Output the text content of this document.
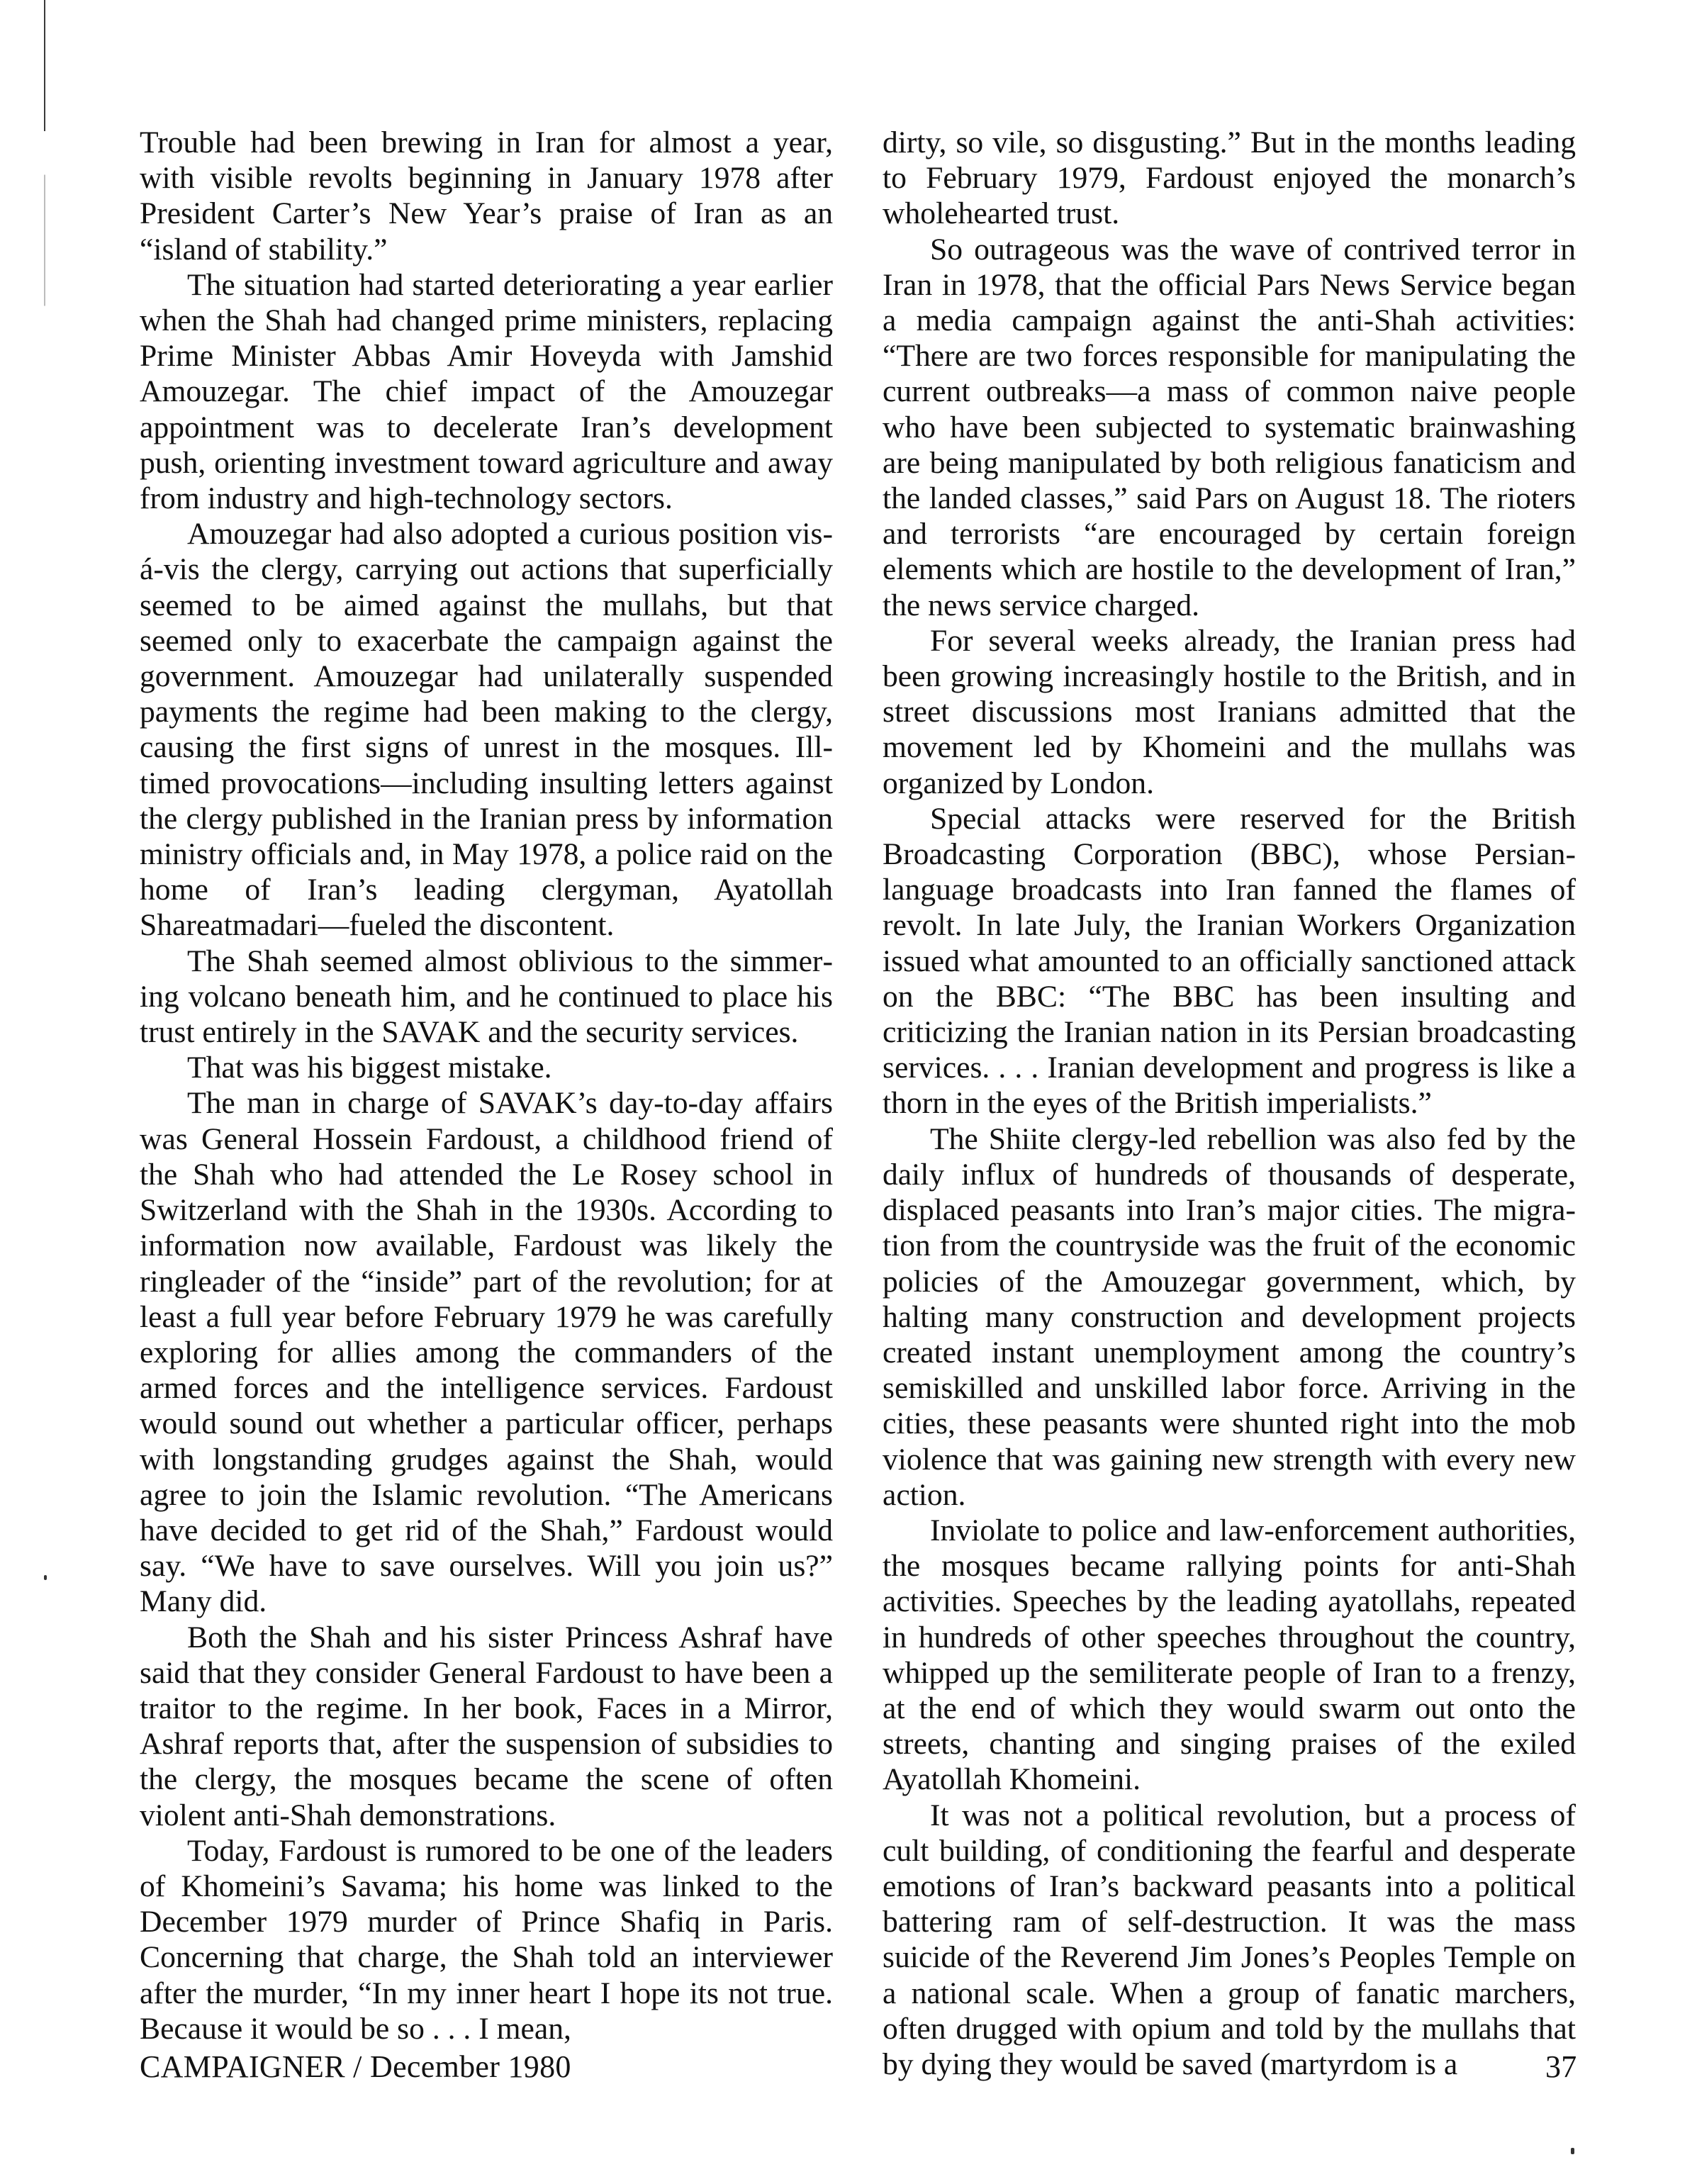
Trouble had been brewing in Iran for almost a year, with visible revolts beginning in January 1978 after President Carter’s New Year’s praise of Iran as an “island of stability.”

The situation had started deteriorating a year earlier when the Shah had changed prime ministers, replacing Prime Minister Abbas Amir Hoveyda with Jamshid Amouzegar. The chief impact of the Amouzegar appointment was to decelerate Iran’s development push, orienting investment toward agriculture and away from industry and high-technology sectors.

Amouzegar had also adopted a curious position vis-á-vis the clergy, carrying out actions that superficially seemed to be aimed against the mullahs, but that seemed only to exacerbate the campaign against the government. Amouzegar had unilaterally suspended payments the regime had been making to the clergy, causing the first signs of unrest in the mosques. Ill-timed provocations—including insulting letters against the clergy published in the Iranian press by information ministry officials and, in May 1978, a police raid on the home of Iran’s leading clergyman, Ayatollah Shareatmadari—fueled the discontent.

The Shah seemed almost oblivious to the simmering volcano beneath him, and he continued to place his trust entirely in the SAVAK and the security services.

That was his biggest mistake.

The man in charge of SAVAK’s day-to-day affairs was General Hossein Fardoust, a childhood friend of the Shah who had attended the Le Rosey school in Switzerland with the Shah in the 1930s. According to information now available, Fardoust was likely the ringleader of the “inside” part of the revolution; for at least a full year before February 1979 he was carefully exploring for allies among the commanders of the armed forces and the intelligence services. Fardoust would sound out whether a particular officer, perhaps with longstanding grudges against the Shah, would agree to join the Islamic revolution. “The Americans have decided to get rid of the Shah,” Fardoust would say. “We have to save ourselves. Will you join us?” Many did.

Both the Shah and his sister Princess Ashraf have said that they consider General Fardoust to have been a traitor to the regime. In her book, Faces in a Mirror, Ashraf reports that, after the suspension of subsidies to the clergy, the mosques became the scene of often violent anti-Shah demonstrations.

Today, Fardoust is rumored to be one of the leaders of Khomeini’s Savama; his home was linked to the December 1979 murder of Prince Shafiq in Paris. Concerning that charge, the Shah told an interviewer after the murder, “In my inner heart I hope its not true. Because it would be so . . . I mean,

dirty, so vile, so disgusting.” But in the months leading to February 1979, Fardoust enjoyed the monarch’s wholehearted trust.

So outrageous was the wave of contrived terror in Iran in 1978, that the official Pars News Service began a media campaign against the anti-Shah activities: “There are two forces responsible for manipulating the current outbreaks—a mass of common naive people who have been subjected to systematic brainwashing are being manipulated by both religious fanaticism and the landed classes,” said Pars on August 18. The rioters and terrorists “are encouraged by certain foreign elements which are hostile to the development of Iran,” the news service charged.

For several weeks already, the Iranian press had been growing increasingly hostile to the British, and in street discussions most Iranians admitted that the movement led by Khomeini and the mullahs was organized by London.

Special attacks were reserved for the British Broadcasting Corporation (BBC), whose Persian-language broadcasts into Iran fanned the flames of revolt. In late July, the Iranian Workers Organization issued what amounted to an officially sanctioned attack on the BBC: “The BBC has been insulting and criticizing the Iranian nation in its Persian broadcasting services. . . . Iranian development and progress is like a thorn in the eyes of the British imperialists.”

The Shiite clergy-led rebellion was also fed by the daily influx of hundreds of thousands of desperate, displaced peasants into Iran’s major cities. The migration from the countryside was the fruit of the economic policies of the Amouzegar government, which, by halting many construction and development projects created instant unemployment among the country’s semiskilled and unskilled labor force. Arriving in the cities, these peasants were shunted right into the mob violence that was gaining new strength with every new action.

Inviolate to police and law-enforcement authorities, the mosques became rallying points for anti-Shah activities. Speeches by the leading ayatollahs, repeated in hundreds of other speeches throughout the country, whipped up the semiliterate people of Iran to a frenzy, at the end of which they would swarm out onto the streets, chanting and singing praises of the exiled Ayatollah Khomeini.

It was not a political revolution, but a process of cult building, of conditioning the fearful and desperate emotions of Iran’s backward peasants into a political battering ram of self-destruction. It was the mass suicide of the Reverend Jim Jones’s Peoples Temple on a national scale. When a group of fanatic marchers, often drugged with opium and told by the mullahs that by dying they would be saved (martyrdom is a

CAMPAIGNER / December 1980	37
